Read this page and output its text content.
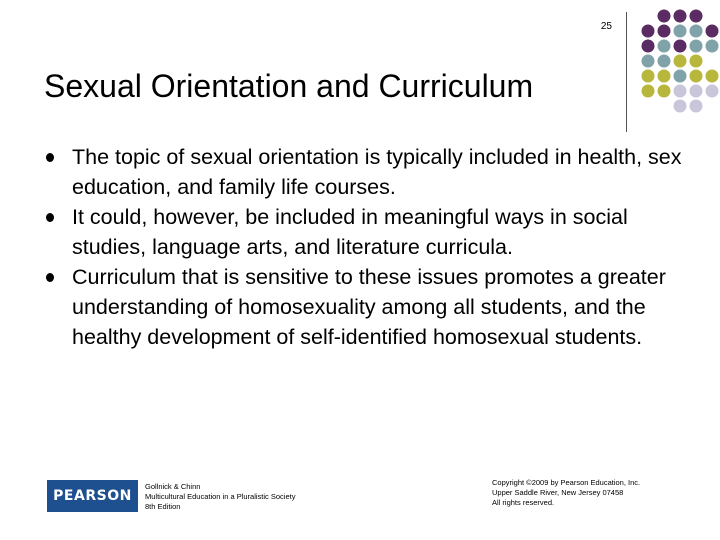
25
Sexual Orientation and Curriculum
The topic of sexual orientation is typically included in health, sex education, and family life courses.
It could, however, be included in meaningful ways in social studies, language arts, and literature curricula.
Curriculum that is sensitive to these issues promotes a greater understanding of homosexuality among all students, and the healthy development of self-identified homosexual students.
PEARSON
Gollnick & Chinn
Multicultural Education in a Pluralistic Society
8th Edition
Copyright ©2009 by Pearson Education, Inc.
Upper Saddle River, New Jersey 07458
All rights reserved.
